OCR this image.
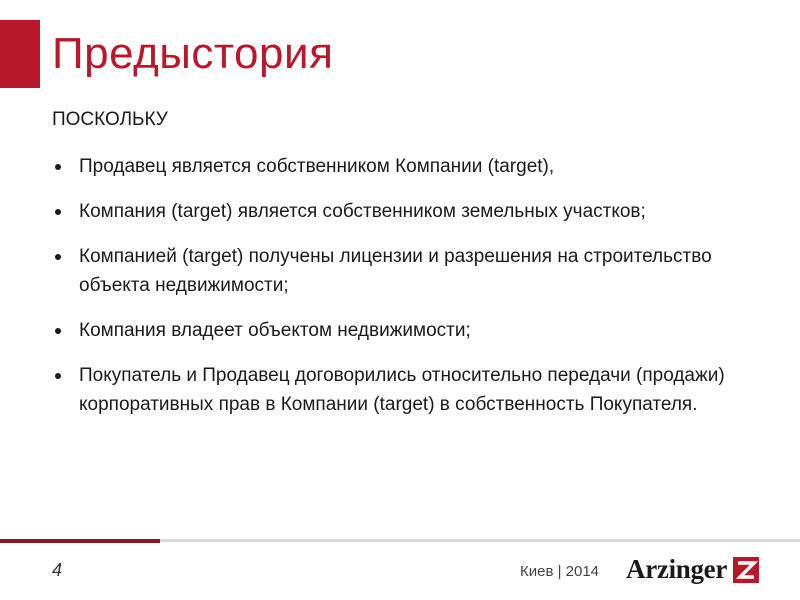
Предыстория
ПОСКОЛЬКУ
Продавец является собственником Компании (target),
Компания (target) является собственником земельных участков;
Компанией (target) получены лицензии и разрешения на строительство объекта недвижимости;
Компания владеет объектом недвижимости;
Покупатель и Продавец договорились относительно передачи (продажи) корпоративных прав в Компании (target) в собственность Покупателя.
4	Киев | 2014 Arzinger
